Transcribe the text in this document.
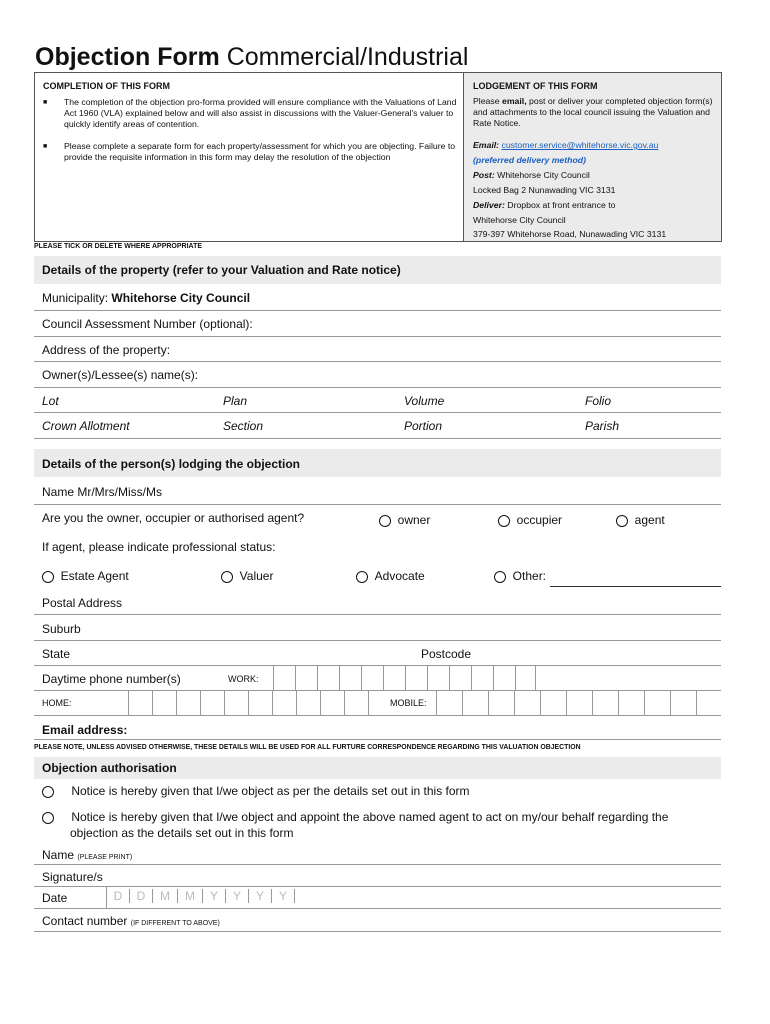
Objection Form Commercial/Industrial
COMPLETION OF THIS FORM
■ The completion of the objection pro-forma provided will ensure compliance with the Valuations of Land Act 1960 (VLA) explained below and will also assist in discussions with the Valuer-General's valuer to quickly identify areas of contention.
■ Please complete a separate form for each property/assessment for which you are objecting. Failure to provide the requisite information in this form may delay the resolution of the objection
LODGEMENT OF THIS FORM
Please email, post or deliver your completed objection form(s) and attachments to the local council issuing the Valuation and Rate Notice.
Email: customer.service@whitehorse.vic.gov.au
(preferred delivery method)
Post: Whitehorse City Council
Locked Bag 2 Nunawading VIC 3131
Deliver: Dropbox at front entrance to
Whitehorse City Council
379-397 Whitehorse Road, Nunawading VIC 3131
PLEASE TICK OR DELETE WHERE APPROPRIATE
Details of the property (refer to your Valuation and Rate notice)
Municipality: Whitehorse City Council
Council Assessment Number (optional):
Address of the property:
Owner(s)/Lessee(s) name(s):
Lot	Plan	Volume	Folio
Crown Allotment	Section	Portion	Parish
Details of the person(s) lodging the objection
Name Mr/Mrs/Miss/Ms
Are you the owner, occupier or authorised agent?	owner	occupier	agent
If agent, please indicate professional status:
Estate Agent	Valuer	Advocate	Other:
Postal Address
Suburb
State	Postcode
Daytime phone number(s)	WORK:
HOME:	MOBILE:
Email address:
PLEASE NOTE, UNLESS ADVISED OTHERWISE, THESE DETAILS WILL BE USED FOR ALL FURTURE CORRESPONDENCE REGARDING THIS VALUATION OBJECTION
Objection authorisation
Notice is hereby given that I/we object as per the details set out in this form
Notice is hereby given that I/we object and appoint the above named agent to act on my/our behalf regarding the
objection as the details set out in this form
Name (PLEASE PRINT)
Signature/s
Date	D	D	M	M	Y	Y	Y	Y
Contact number (IF DIFFERENT TO ABOVE)
